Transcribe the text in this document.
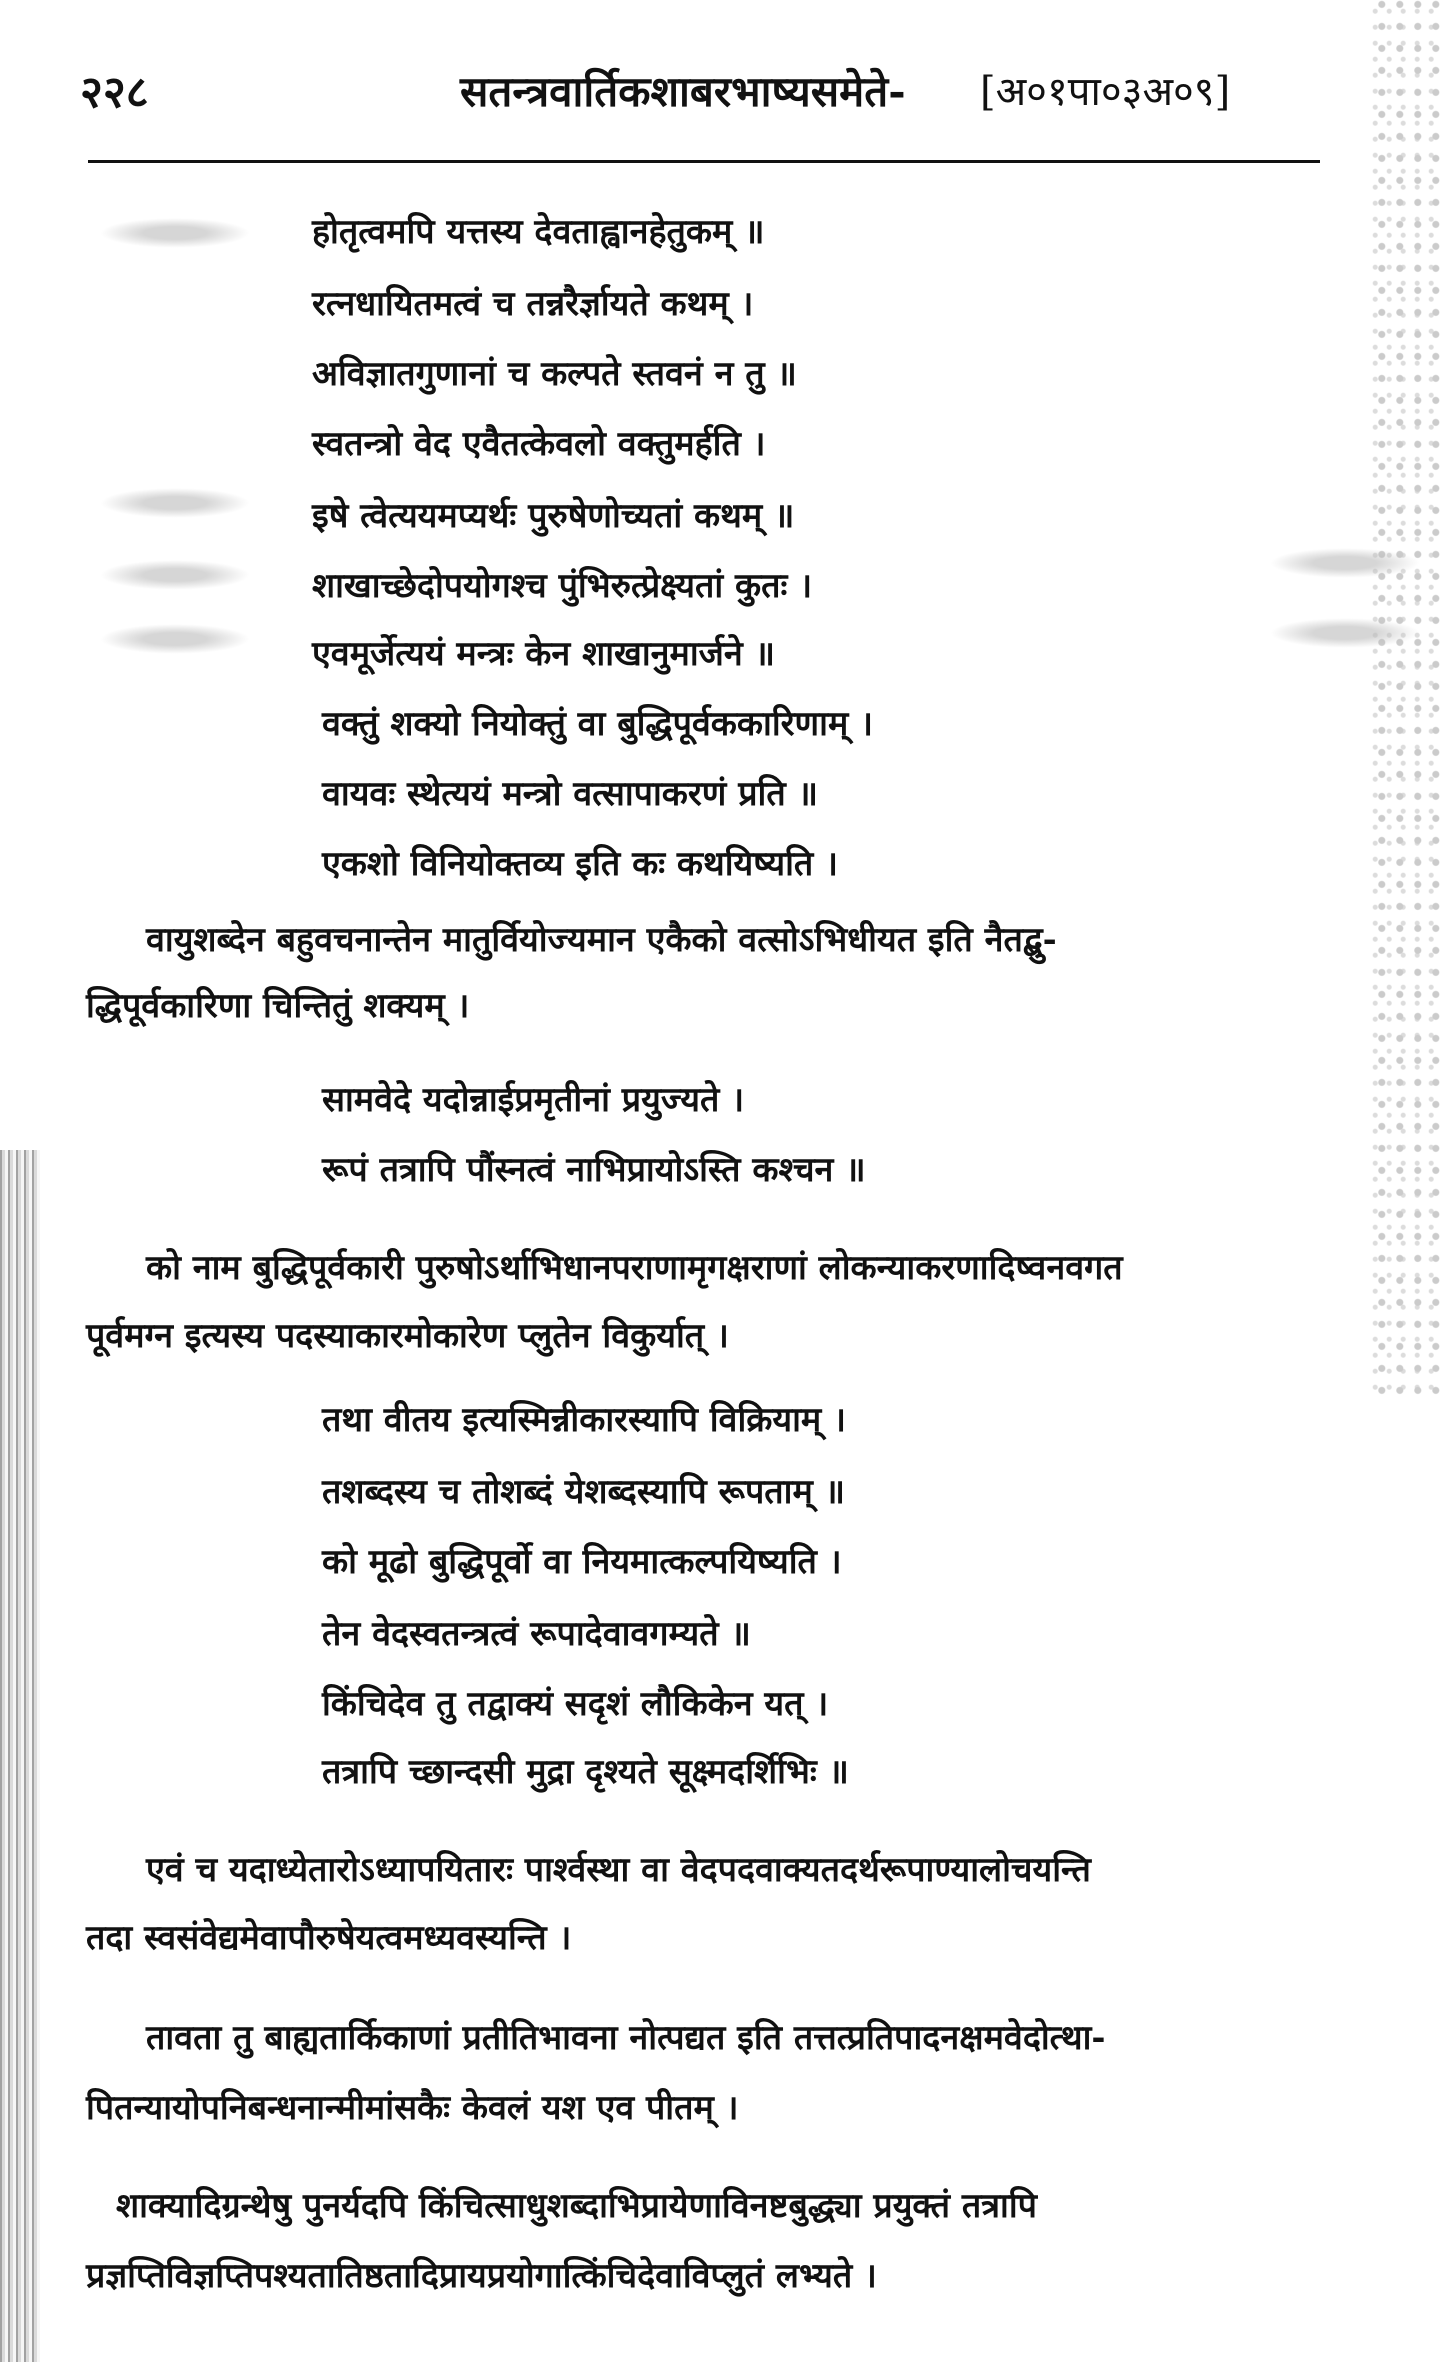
२२८	सतन्त्रवार्तिकशाबरभाष्यसमेते- [अ०१पा०३अ०९]
होतृत्वमपि यत्तस्य देवताह्वानहेतुकम् ॥
रत्नधायितमत्वं च तन्नरैर्ज्ञायते कथम् ।
अविज्ञातगुणानां च कल्पते स्तवनं न तु ॥
स्वतन्त्रो वेद एवैतत्केवलो वक्तुमर्हति ।
इषे त्वेत्ययमप्यर्थः पुरुषेणोच्यतां कथम् ॥
शाखाच्छेदोपयोगश्च पुंभिरुत्प्रेक्ष्यतां कुतः ।
एवमूर्जेत्ययं मन्त्रः केन शाखानुमार्जने ॥
वक्तुं शक्यो नियोक्तुं वा बुद्धिपूर्वककारिणाम् ।
वायवः स्थेत्ययं मन्त्रो वत्सापाकरणं प्रति ॥
एकशो विनियोक्तव्य इति कः कथयिष्यति ।
वायुशब्देन बहुवचनान्तेन मातुर्वियोज्यमान एकैको वत्सोऽभिधीयत इति नैतद्बु-
द्धिपूर्वकारिणा चिन्तितुं शक्यम् ।
सामवेदे यदोन्नाईप्रमृतीनां प्रयुज्यते ।
रूपं तत्रापि पौंस्नत्वं नाभिप्रायोऽस्ति कश्चन ॥
को नाम बुद्धिपूर्वकारी पुरुषोऽर्थाभिधानपराणामृगक्षराणां लोकन्याकरणादिष्वनवगत
पूर्वमग्न इत्यस्य पदस्याकारमोकारेण प्लुतेन विकुर्यात् ।
तथा वीतय इत्यस्मिन्नीकारस्यापि विक्रियाम् ।
तशब्दस्य च तोशब्दं येशब्दस्यापि रूपताम् ॥
को मूढो बुद्धिपूर्वो वा नियमात्कल्पयिष्यति ।
तेन वेदस्वतन्त्रत्वं रूपादेवावगम्यते ॥
किंचिदेव तु तद्वाक्यं सदृशं लौकिकेन यत् ।
तत्रापि च्छान्दसी मुद्रा दृश्यते सूक्ष्मदर्शिभिः ॥
एवं च यदाध्येतारोऽध्यापयितारः पार्श्वस्था वा वेदपदवाक्यतदर्थरूपाण्यालोचयन्ति
तदा स्वसंवेद्यमेवापौरुषेयत्वमध्यवस्यन्ति ।
तावता तु बाह्यतार्किकाणां प्रतीतिभावना नोत्पद्यत इति तत्तत्प्रतिपादनक्षमवेदोत्था-
पितन्यायोपनिबन्धनान्मीमांसकैः केवलं यश एव पीतम् ।
शाक्यादिग्रन्थेषु पुनर्यदपि किंचित्साधुशब्दाभिप्रायेणाविनष्टबुद्ध्या प्रयुक्तं तत्रापि
प्रज्ञप्तिविज्ञप्तिपश्यतातिष्ठतादिप्रायप्रयोगात्किंचिदेवाविप्लुतं लभ्यते ।
